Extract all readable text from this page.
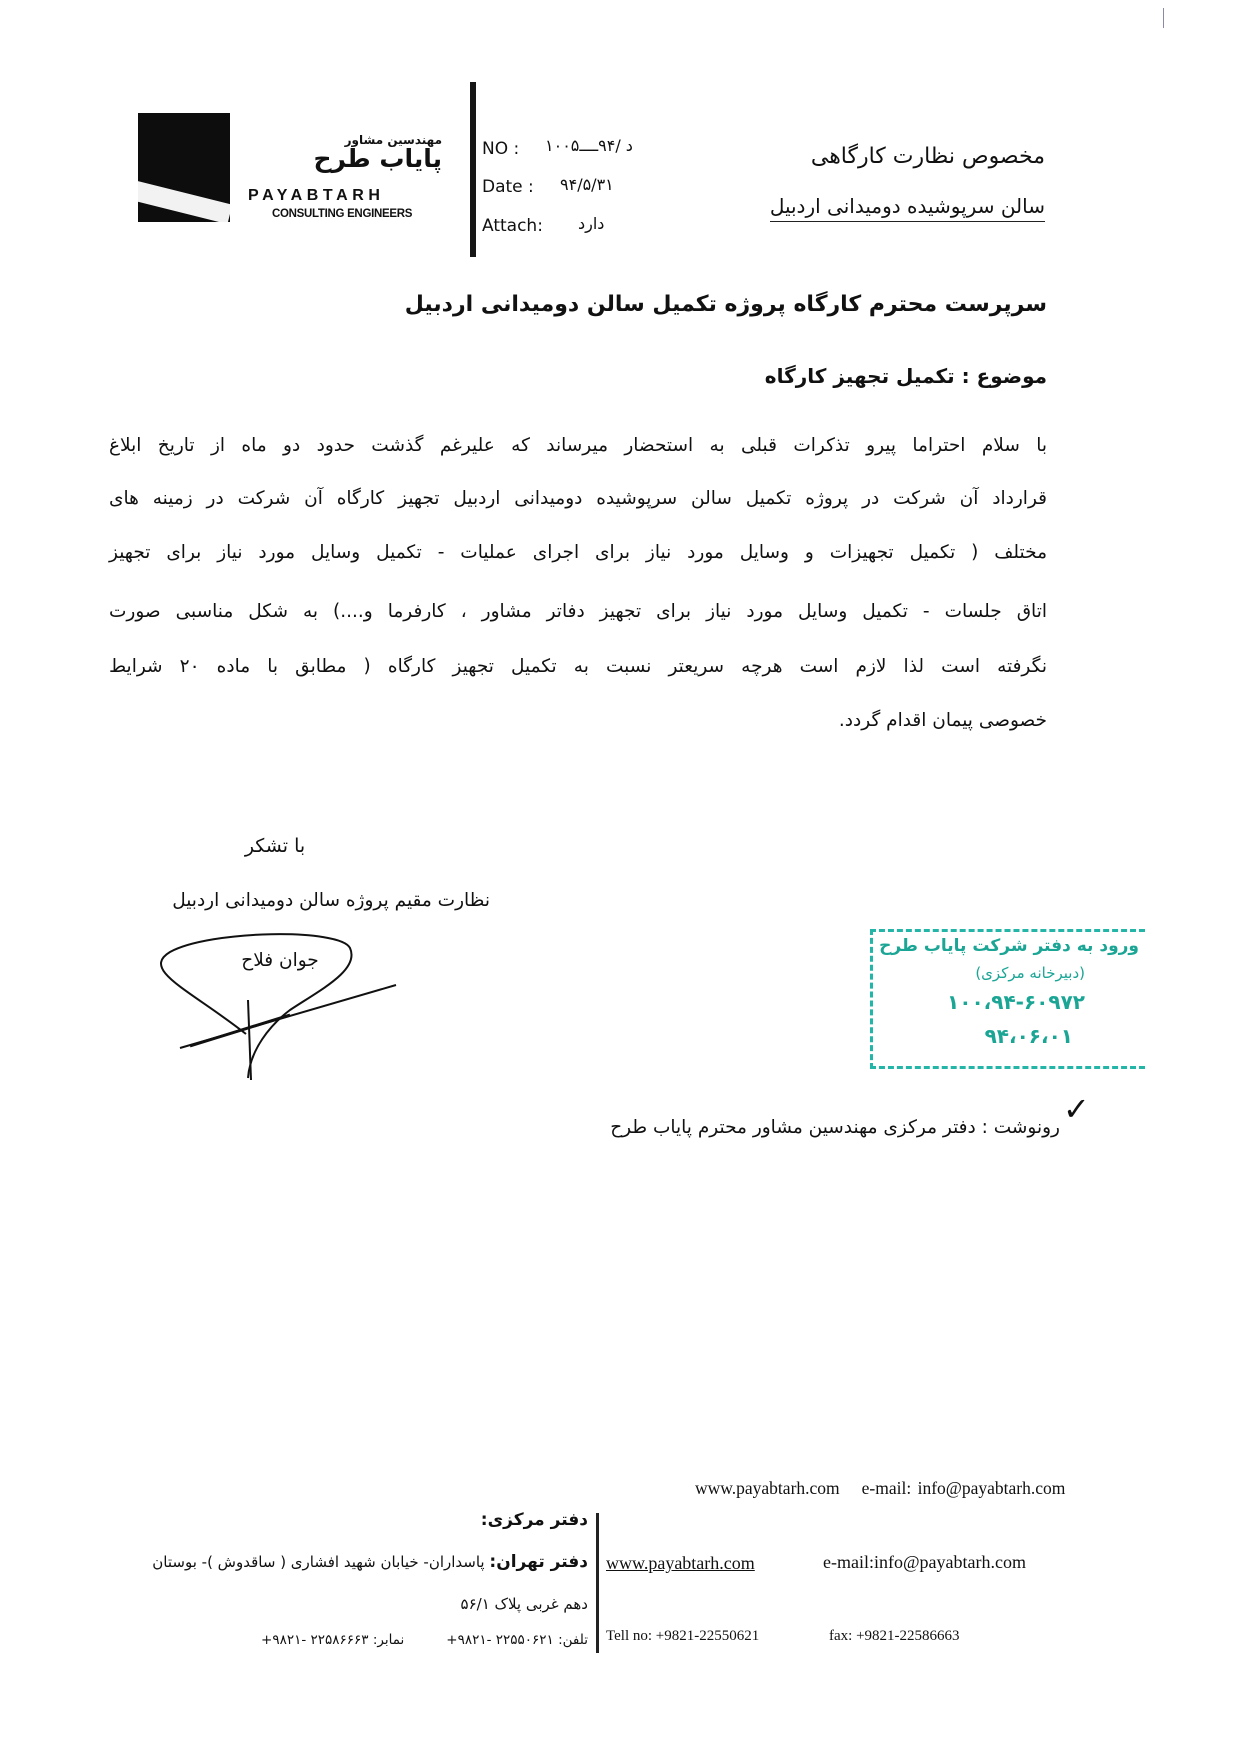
مهندسین مشاور
پایاب طرح
PAYABTARH
CONSULTING ENGINEERS
NO : د /۹۴ــــ۱۰۰۵
Date : ۹۴/۵/۳۱
Attach: دارد
مخصوص نظارت کارگاهی
سالن سرپوشیده دومیدانی اردبیل
سرپرست محترم کارگاه پروژه تکمیل سالن دومیدانی اردبیل
موضوع : تکمیل تجهیز کارگاه
با سلام احتراما پیرو تذکرات قبلی به استحضار میرساند که علیرغم گذشت حدود دو ماه از تاریخ ابلاغ
قرارداد آن شرکت در پروژه تکمیل سالن سرپوشیده دومیدانی اردبیل تجهیز کارگاه آن شرکت در زمینه های
مختلف ( تکمیل تجهیزات و وسایل مورد نیاز برای اجرای عملیات - تکمیل وسایل مورد نیاز برای تجهیز
اتاق جلسات - تکمیل وسایل مورد نیاز برای تجهیز دفاتر مشاور ، کارفرما و....) به شکل مناسبی صورت
نگرفته است لذا لازم است هرچه سریعتر نسبت به تکمیل تجهیز کارگاه ( مطابق با ماده ۲۰ شرایط
خصوصی پیمان اقدام گردد.
با تشکر
نظارت مقیم پروژه سالن دومیدانی اردبیل
جوان فلاح
ورود به دفتر شرکت پایاب طرح
(دبیرخانه مرکزی)
۱۰۰،۹۴-۶۰۹۷۲
۹۴،۰۶،۰۱
✓
رونوشت : دفتر مرکزی مهندسین مشاور محترم پایاب طرح
www.payabtarh.com e-mail: info@payabtarh.com
دفتر مرکزی:
دفتر تهران: پاسداران- خیابان شهید افشاری ( ساقدوش )- بوستان
دهم غربی پلاک ۵۶/۱
تلفن: ۲۲۵۵۰۶۲۱ -۹۸۲۱+نمابر: ۲۲۵۸۶۶۶۳ -۹۸۲۱+
www.payabtarh.com	e-mail:info@payabtarh.com
Tell no: +9821-22550621	fax: +9821-22586663
